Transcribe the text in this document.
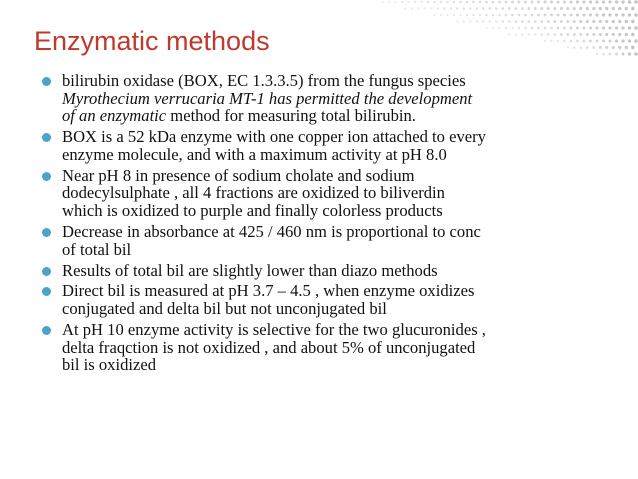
Enzymatic methods
bilirubin oxidase (BOX, EC 1.3.3.5) from the fungus species
Myrothecium verrucaria MT-1 has permitted the development
of an enzymatic method for measuring total bilirubin.
BOX is a 52 kDa enzyme with one copper ion attached to every
enzyme molecule, and with a maximum activity at pH 8.0
Near pH 8 in presence of sodium cholate and sodium
dodecylsulphate , all 4 fractions are oxidized to biliverdin
which is oxidized to purple and finally colorless products
Decrease in absorbance at 425 / 460 nm is proportional to conc
of total bil
Results of total bil are slightly lower than diazo methods
Direct bil is measured at pH 3.7 – 4.5 , when enzyme oxidizes
conjugated and delta bil but not unconjugated bil
At pH 10 enzyme activity is selective for the two glucuronides ,
delta fraqction is not oxidized , and about 5% of unconjugated
bil is oxidized
